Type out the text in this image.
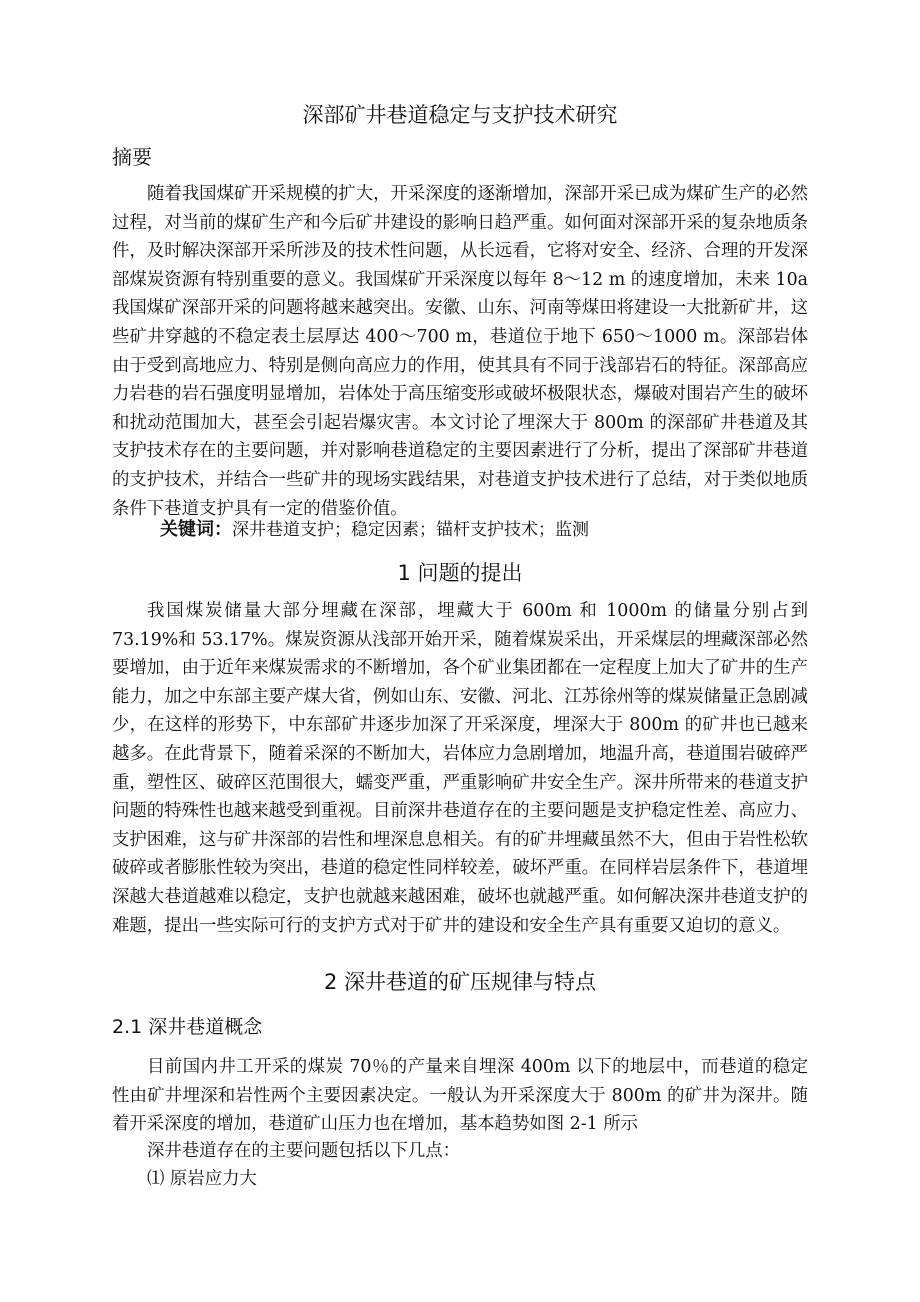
深部矿井巷道稳定与支护技术研究
摘要

随着我国煤矿开采规模的扩大，开采深度的逐渐增加，深部开采已成为煤矿生产的必然过程，对当前的煤矿生产和今后矿井建设的影响日趋严重。如何面对深部开采的复杂地质条件，及时解决深部开采所涉及的技术性问题，从长远看，它将对安全、经济、合理的开发深部煤炭资源有特别重要的意义。我国煤矿开采深度以每年 8～12 m 的速度增加，未来 10a 我国煤矿深部开采的问题将越来越突出。安徽、山东、河南等煤田将建设一大批新矿井，这些矿井穿越的不稳定表土层厚达 400～700 m，巷道位于地下 650～1000 m。深部岩体由于受到高地应力、特别是侧向高应力的作用，使其具有不同于浅部岩石的特征。深部高应力岩巷的岩石强度明显增加，岩体处于高压缩变形或破坏极限状态，爆破对围岩产生的破坏和扰动范围加大，甚至会引起岩爆灾害。本文讨论了埋深大于 800m 的深部矿井巷道及其支护技术存在的主要问题，并对影响巷道稳定的主要因素进行了分析，提出了深部矿井巷道的支护技术，并结合一些矿井的现场实践结果，对巷道支护技术进行了总结，对于类似地质条件下巷道支护具有一定的借鉴价值。

关键词：深井巷道支护；稳定因素；锚杆支护技术；监测
1 问题的提出

我国煤炭储量大部分埋藏在深部，埋藏大于 600m 和 1000m 的储量分别占到 73.19%和 53.17%。煤炭资源从浅部开始开采，随着煤炭采出，开采煤层的埋藏深部必然要增加，由于近年来煤炭需求的不断增加，各个矿业集团都在一定程度上加大了矿井的生产能力，加之中东部主要产煤大省，例如山东、安徽、河北、江苏徐州等的煤炭储量正急剧减少，在这样的形势下，中东部矿井逐步加深了开采深度，埋深大于 800m 的矿井也已越来越多。在此背景下，随着采深的不断加大，岩体应力急剧增加，地温升高，巷道围岩破碎严重，塑性区、破碎区范围很大，蠕变严重，严重影响矿井安全生产。深井所带来的巷道支护问题的特殊性也越来越受到重视。目前深井巷道存在的主要问题是支护稳定性差、高应力、支护困难，这与矿井深部的岩性和埋深息息相关。有的矿井埋藏虽然不大，但由于岩性松软破碎或者膨胀性较为突出，巷道的稳定性同样较差，破坏严重。在同样岩层条件下，巷道埋深越大巷道越难以稳定，支护也就越来越困难，破坏也就越严重。如何解决深井巷道支护的难题，提出一些实际可行的支护方式对于矿井的建设和安全生产具有重要又迫切的意义。

2 深井巷道的矿压规律与特点
2.1 深井巷道概念

目前国内井工开采的煤炭 70％的产量来自埋深 400m 以下的地层中，而巷道的稳定性由矿井埋深和岩性两个主要因素决定。一般认为开采深度大于 800m 的矿井为深井。随着开采深度的增加，巷道矿山压力也在增加，基本趋势如图 2-1 所示

深井巷道存在的主要问题包括以下几点：
⑴ 原岩应力大
